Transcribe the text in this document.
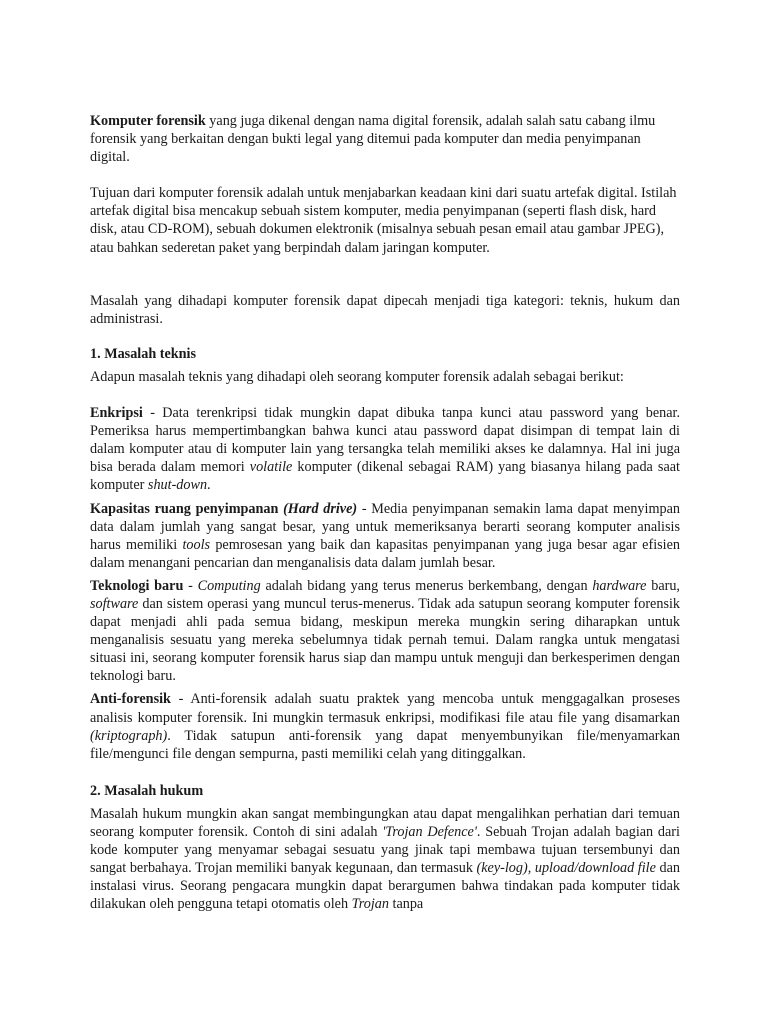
Komputer forensik yang juga dikenal dengan nama digital forensik, adalah salah satu cabang ilmu forensik yang berkaitan dengan bukti legal yang ditemui pada komputer dan media penyimpanan digital.

Tujuan dari komputer forensik adalah untuk menjabarkan keadaan kini dari suatu artefak digital. Istilah artefak digital bisa mencakup sebuah sistem komputer, media penyimpanan (seperti flash disk, hard disk, atau CD-ROM), sebuah dokumen elektronik (misalnya sebuah pesan email atau gambar JPEG), atau bahkan sederetan paket yang berpindah dalam jaringan komputer.

Masalah yang dihadapi komputer forensik dapat dipecah menjadi tiga kategori: teknis, hukum dan administrasi.

1. Masalah teknis

Adapun masalah teknis yang dihadapi oleh seorang komputer forensik adalah sebagai berikut:

Enkripsi - Data terenkripsi tidak mungkin dapat dibuka tanpa kunci atau password yang benar. Pemeriksa harus mempertimbangkan bahwa kunci atau password dapat disimpan di tempat lain di dalam komputer atau di komputer lain yang tersangka telah memiliki akses ke dalamnya. Hal ini juga bisa berada dalam memori volatile komputer (dikenal sebagai RAM) yang biasanya hilang pada saat komputer shut-down.

Kapasitas ruang penyimpanan (Hard drive) - Media penyimpanan semakin lama dapat menyimpan data dalam jumlah yang sangat besar, yang untuk memeriksanya berarti seorang komputer analisis harus memiliki tools pemrosesan yang baik dan kapasitas penyimpanan yang juga besar agar efisien dalam menangani pencarian dan menganalisis data dalam jumlah besar.

Teknologi baru - Computing adalah bidang yang terus menerus berkembang, dengan hardware baru, software dan sistem operasi yang muncul terus-menerus. Tidak ada satupun seorang komputer forensik dapat menjadi ahli pada semua bidang, meskipun mereka mungkin sering diharapkan untuk menganalisis sesuatu yang mereka sebelumnya tidak pernah temui. Dalam rangka untuk mengatasi situasi ini, seorang komputer forensik harus siap dan mampu untuk menguji dan berkesperimen dengan teknologi baru.

Anti-forensik - Anti-forensik adalah suatu praktek yang mencoba untuk menggagalkan proseses analisis komputer forensik. Ini mungkin termasuk enkripsi, modifikasi file atau file yang disamarkan (kriptograph). Tidak satupun anti-forensik yang dapat menyembunyikan file/menyamarkan file/mengunci file dengan sempurna, pasti memiliki celah yang ditinggalkan.

2. Masalah hukum

Masalah hukum mungkin akan sangat membingungkan atau dapat mengalihkan perhatian dari temuan seorang komputer forensik. Contoh di sini adalah 'Trojan Defence'. Sebuah Trojan adalah bagian dari kode komputer yang menyamar sebagai sesuatu yang jinak tapi membawa tujuan tersembunyi dan sangat berbahaya. Trojan memiliki banyak kegunaan, dan termasuk (key-log), upload/download file dan instalasi virus. Seorang pengacara mungkin dapat berargumen bahwa tindakan pada komputer tidak dilakukan oleh pengguna tetapi otomatis oleh Trojan tanpa
